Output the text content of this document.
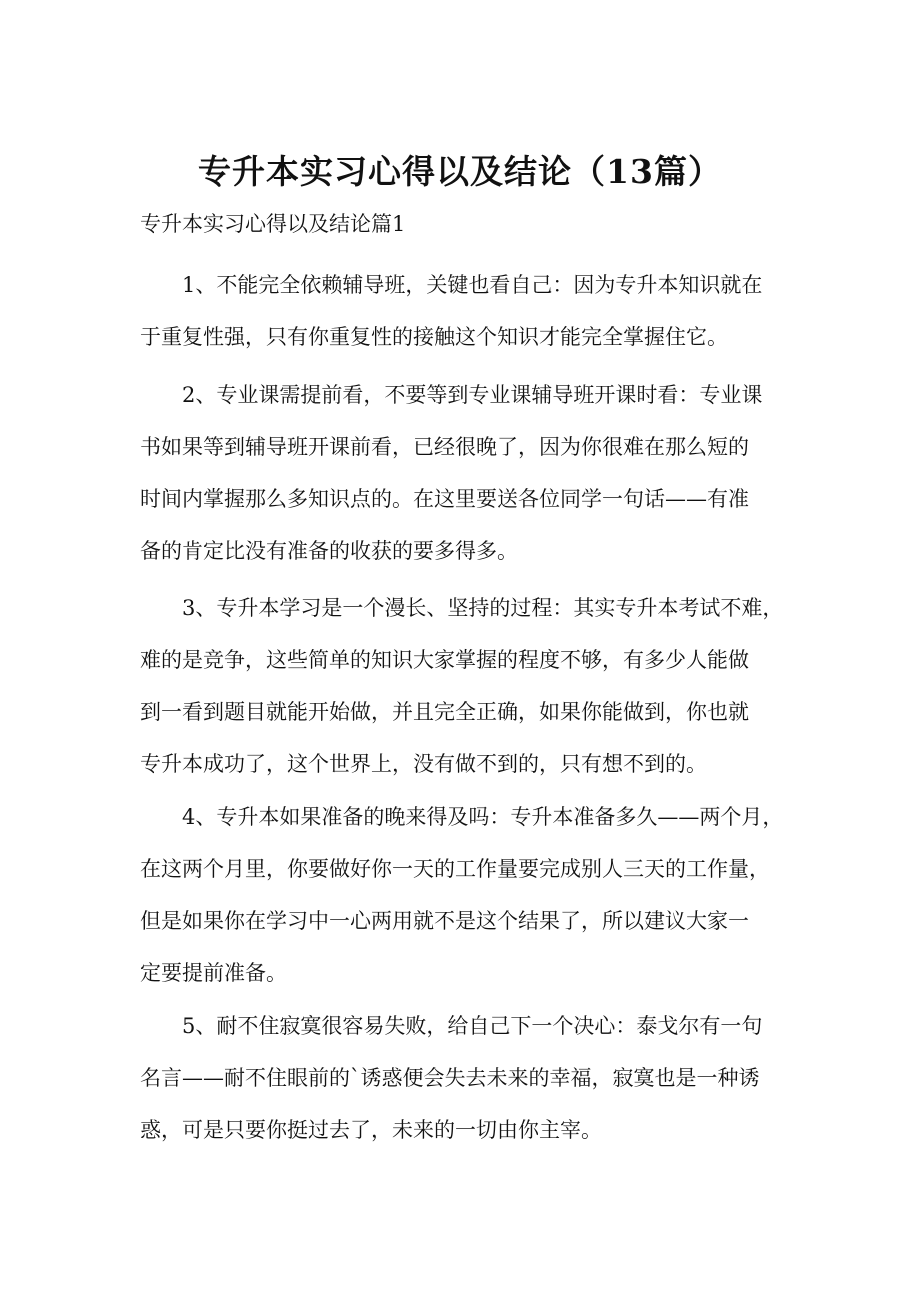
专升本实习心得以及结论（13篇）
专升本实习心得以及结论篇1
1、不能完全依赖辅导班，关键也看自己：因为专升本知识就在
于重复性强，只有你重复性的接触这个知识才能完全掌握住它。
2、专业课需提前看，不要等到专业课辅导班开课时看：专业课
书如果等到辅导班开课前看，已经很晚了，因为你很难在那么短的
时间内掌握那么多知识点的。在这里要送各位同学一句话——有准
备的肯定比没有准备的收获的要多得多。
3、专升本学习是一个漫长、坚持的过程：其实专升本考试不难，
难的是竞争，这些简单的知识大家掌握的程度不够，有多少人能做
到一看到题目就能开始做，并且完全正确，如果你能做到，你也就
专升本成功了，这个世界上，没有做不到的，只有想不到的。
4、专升本如果准备的晚来得及吗：专升本准备多久——两个月，
在这两个月里，你要做好你一天的工作量要完成别人三天的工作量，
但是如果你在学习中一心两用就不是这个结果了，所以建议大家一
定要提前准备。
5、耐不住寂寞很容易失败，给自己下一个决心：泰戈尔有一句
名言——耐不住眼前的`诱惑便会失去未来的幸福，寂寞也是一种诱
惑，可是只要你挺过去了，未来的一切由你主宰。
